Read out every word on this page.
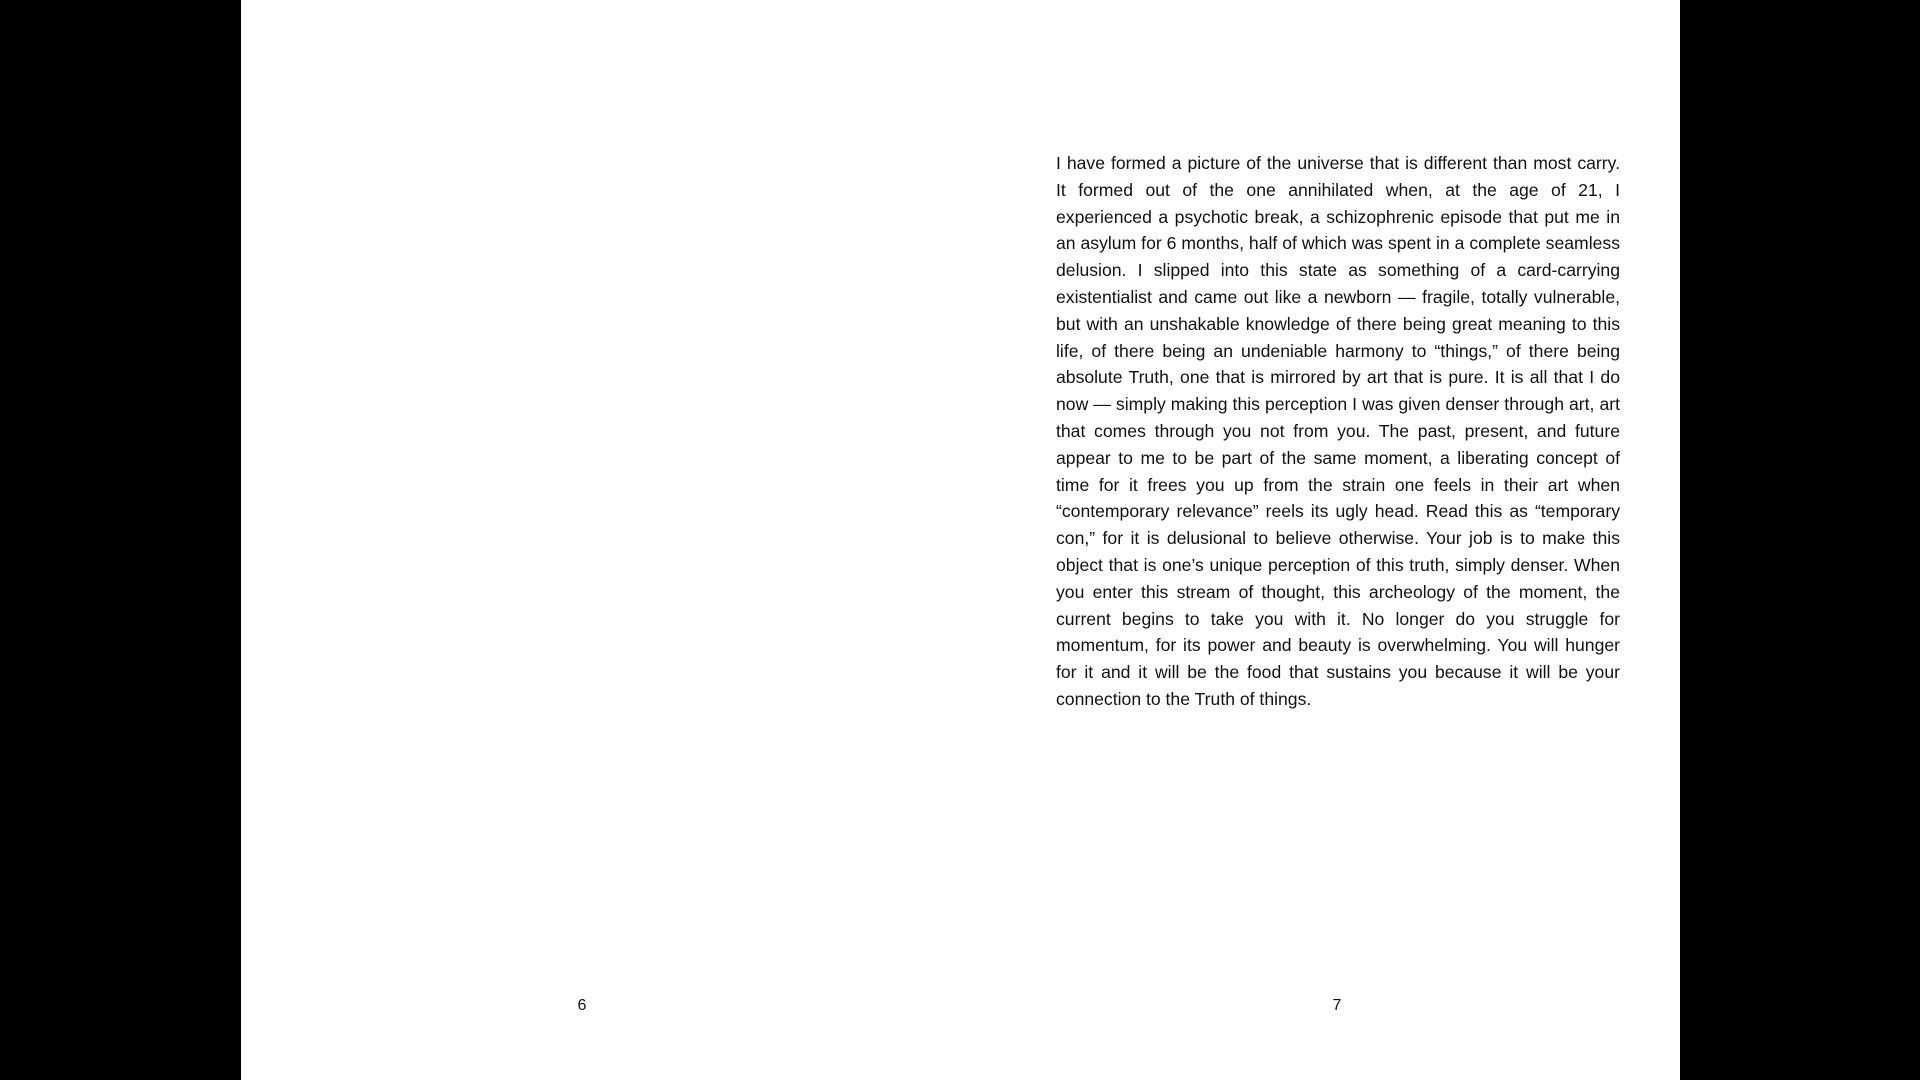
6

I have formed a picture of the universe that is different than most carry. It formed out of the one annihilated when, at the age of 21, I experienced a psychotic break, a schizophrenic episode that put me in an asylum for 6 months, half of which was spent in a complete seamless delusion. I slipped into this state as something of a card-carrying existentialist and came out like a newborn — fragile, totally vulnerable, but with an unshakable knowledge of there being great meaning to this life, of there being an undeniable harmony to “things,” of there being absolute Truth, one that is mirrored by art that is pure. It is all that I do now — simply making this perception I was given denser through art, art that comes through you not from you. The past, present, and future appear to me to be part of the same moment, a liberating concept of time for it frees you up from the strain one feels in their art when “contemporary relevance” reels its ugly head. Read this as “temporary con,” for it is delusional to believe otherwise. Your job is to make this object that is one’s unique perception of this truth, simply denser. When you enter this stream of thought, this archeology of the moment, the current begins to take you with it. No longer do you struggle for momentum, for its power and beauty is overwhelming. You will hunger for it and it will be the food that sustains you because it will be your connection to the Truth of things.

7
